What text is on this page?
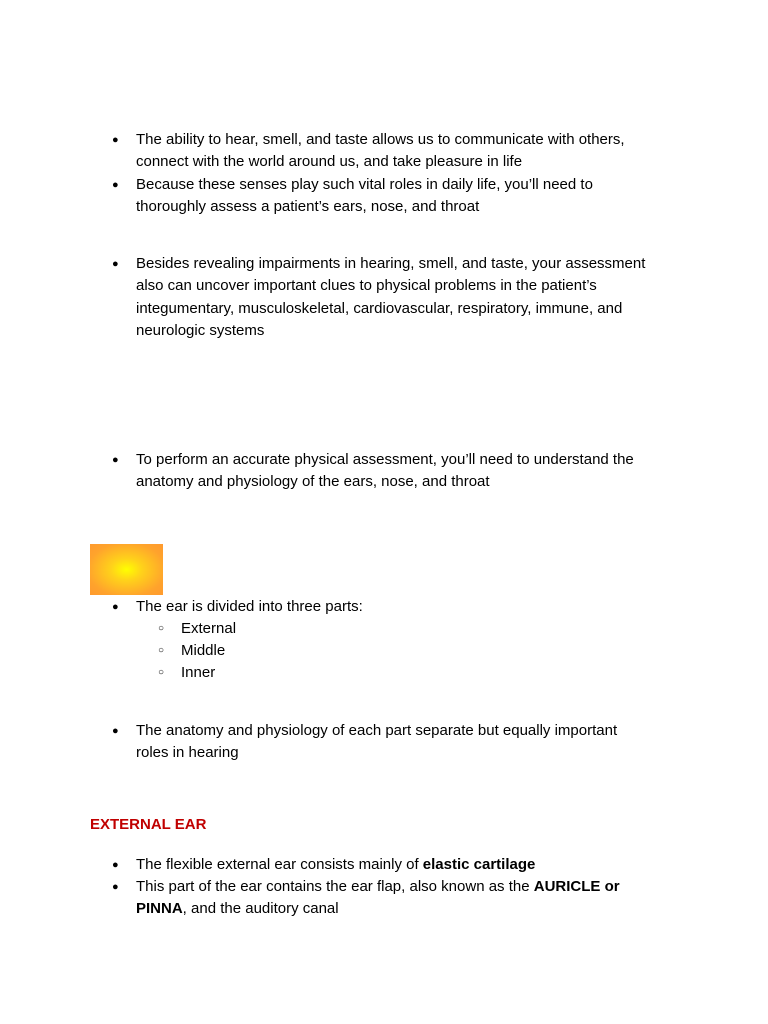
● The ability to hear, smell, and taste allows us to communicate with others,
connect with the world around us, and take pleasure in life
● Because these senses play such vital roles in daily life, you’ll need to
thoroughly assess a patient’s ears, nose, and throat
● Besides revealing impairments in hearing, smell, and taste, your assessment
also can uncover important clues to physical problems in the patient’s
integumentary, musculoskeletal, cardiovascular, respiratory, immune, and
neurologic systems
● To perform an accurate physical assessment, you’ll need to understand the
anatomy and physiology of the ears, nose, and throat
● The ear is divided into three parts:
○ External
○ Middle
○ Inner
● The anatomy and physiology of each part separate but equally important
roles in hearing
EXTERNAL EAR
● The flexible external ear consists mainly of elastic cartilage
● This part of the ear contains the ear flap, also known as the AURICLE or
PINNA, and the auditory canal
